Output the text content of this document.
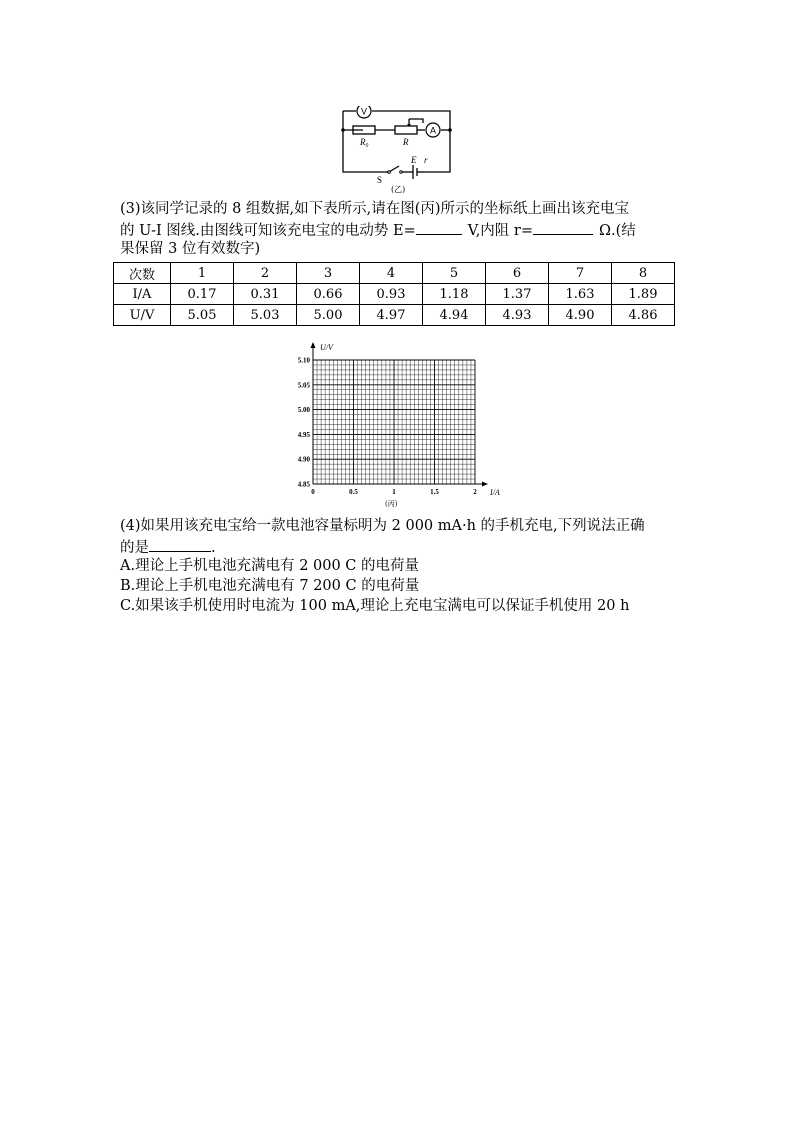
V
A
R₀	R
S
E r
(乙)

(3)该同学记录的 8 组数据,如下表所示,请在图(丙)所示的坐标纸上画出该充电宝

的 U-I 图线.由图线可知该充电宝的电动势 E=	V,内阻 r=	Ω.(结

果保留 3 位有效数字)

次数	1	2	3	4	5	6	7	8
I/A	0.17	0.31	0.66	0.93	1.18	1.37	1.63	1.89
U/V	5.05	5.03	5.00	4.97	4.94	4.93	4.90	4.86
0	0.5	1	1.5	2
4.85
4.90
4.95
5.00
5.05
5.10
U/V
I/A
(丙)

(4)如果用该充电宝给一款电池容量标明为 2 000 mA·h 的手机充电,下列说法正确

的是	.

A.理论上手机电池充满电有 2 000 C 的电荷量

B.理论上手机电池充满电有 7 200 C 的电荷量

C.如果该手机使用时电流为 100 mA,理论上充电宝满电可以保证手机使用 20 h
